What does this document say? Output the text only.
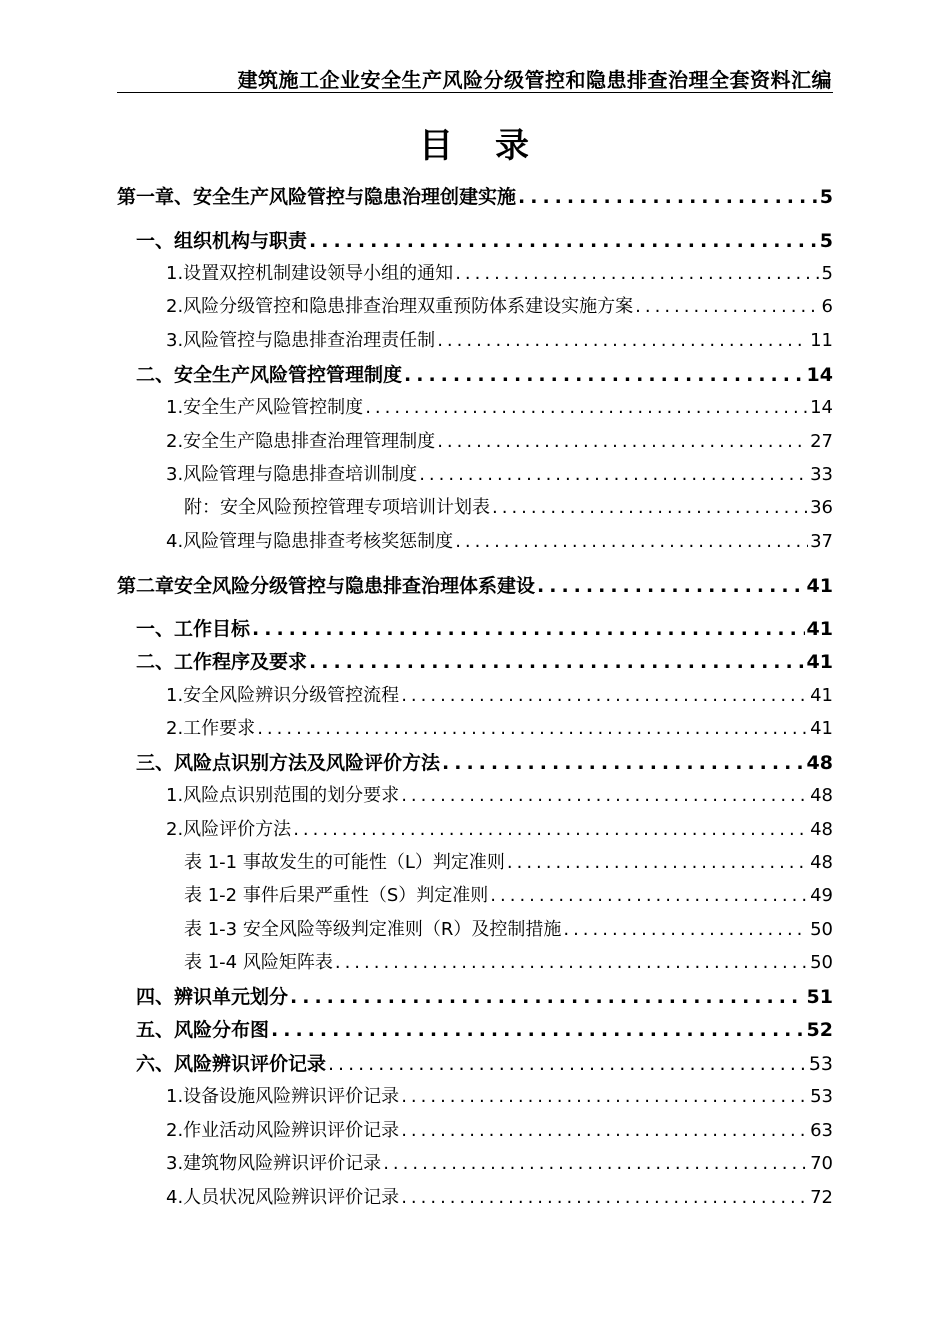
建筑施工企业安全生产风险分级管控和隐患排查治理全套资料汇编
目 录
第一章、安全生产风险管控与隐患治理创建实施 .....	5
一、组织机构与职责 .....	5
1.设置双控机制建设领导小组的通知 .....	5
2.风险分级管控和隐患排查治理双重预防体系建设实施方案 .....	6
3.风险管控与隐患排查治理责任制 .....	11
二、安全生产风险管控管理制度 .....	14
1.安全生产风险管控制度 .....	14
2.安全生产隐患排查治理管理制度 .....	27
3.风险管理与隐患排查培训制度 .....	33
附：安全风险预控管理专项培训计划表 .....	36
4.风险管理与隐患排查考核奖惩制度 .....	37
第二章安全风险分级管控与隐患排查治理体系建设 .....	41
一、工作目标 .....	41
二、工作程序及要求 .....	41
1.安全风险辨识分级管控流程 .....	41
2.工作要求 .....	41
三、风险点识别方法及风险评价方法 .....	48
1.风险点识别范围的划分要求 .....	48
2.风险评价方法 .....	48
表 1-1 事故发生的可能性（L）判定准则 .....	48
表 1-2 事件后果严重性（S）判定准则 .....	49
表 1-3 安全风险等级判定准则（R）及控制措施 .....	50
表 1-4 风险矩阵表 .....	50
四、辨识单元划分 .....	51
五、风险分布图 .....	52
六、风险辨识评价记录 .....	53
1.设备设施风险辨识评价记录 .....	53
2.作业活动风险辨识评价记录 .....	63
3.建筑物风险辨识评价记录 .....	70
4.人员状况风险辨识评价记录 .....	72
